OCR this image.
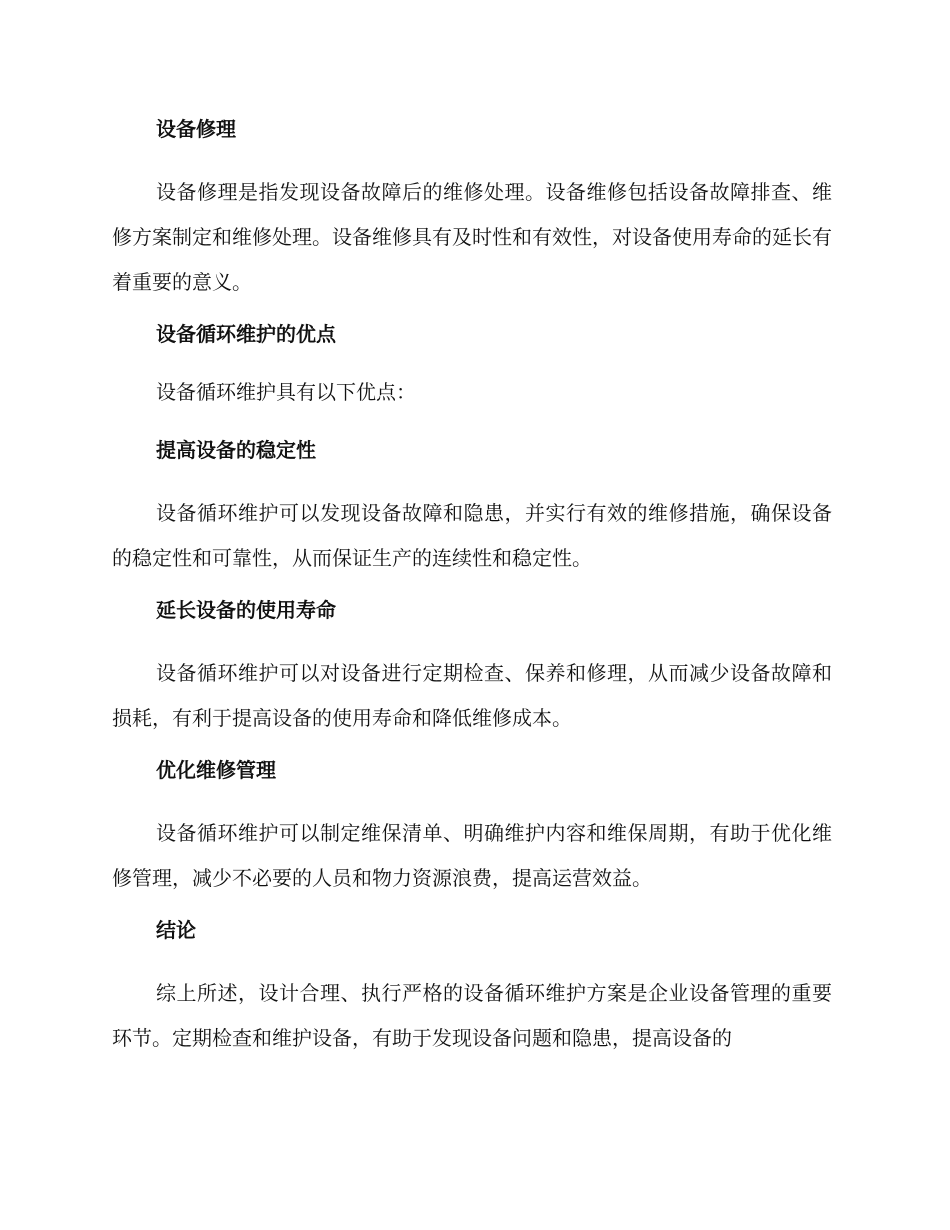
设备修理

设备修理是指发现设备故障后的维修处理。设备维修包括设备故障排查、维修方案制定和维修处理。设备维修具有及时性和有效性，对设备使用寿命的延长有着重要的意义。

设备循环维护的优点

设备循环维护具有以下优点：

提高设备的稳定性

设备循环维护可以发现设备故障和隐患，并实行有效的维修措施，确保设备的稳定性和可靠性，从而保证生产的连续性和稳定性。

延长设备的使用寿命

设备循环维护可以对设备进行定期检查、保养和修理，从而减少设备故障和损耗，有利于提高设备的使用寿命和降低维修成本。

优化维修管理

设备循环维护可以制定维保清单、明确维护内容和维保周期，有助于优化维修管理，减少不必要的人员和物力资源浪费，提高运营效益。

结论

综上所述，设计合理、执行严格的设备循环维护方案是企业设备管理的重要环节。定期检查和维护设备，有助于发现设备问题和隐患，提高设备的
